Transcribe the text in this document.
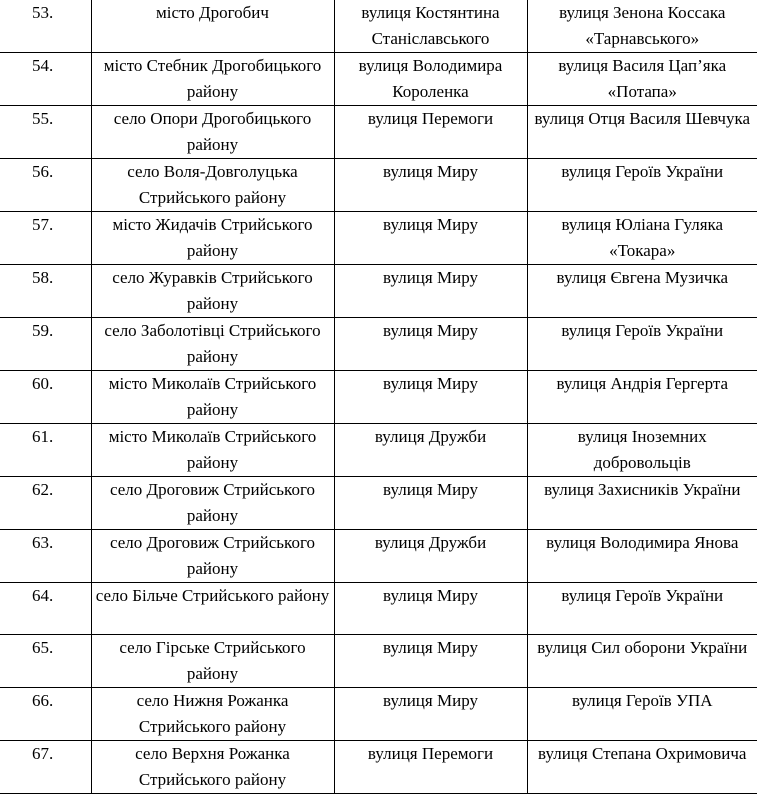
53.	місто Дрогобич	вулиця Костянтина Станіславського	вулиця Зенона Коссака «Тарнавського»
54.	місто Стебник Дрогобицького району	вулиця Володимира Короленка	вулиця Василя Цап’яка «Потапа»
55.	село Опори Дрогобицького району	вулиця Перемоги	вулиця Отця Василя Шевчука
56.	село Воля-Довголуцька Стрийського району	вулиця Миру	вулиця Героїв України
57.	місто Жидачів Стрийського району	вулиця Миру	вулиця Юліана Гуляка «Токара»
58.	село Журавків Стрийського району	вулиця Миру	вулиця Євгена Музичка
59.	село Заболотівці Стрийського району	вулиця Миру	вулиця Героїв України
60.	місто Миколаїв Стрийського району	вулиця Миру	вулиця Андрія Гергерта
61.	місто Миколаїв Стрийського району	вулиця Дружби	вулиця Іноземних добровольців
62.	село Дроговиж Стрийського району	вулиця Миру	вулиця Захисників України
63.	село Дроговиж Стрийського району	вулиця Дружби	вулиця Володимира Янова
64.	село Більче Стрийського району	вулиця Миру	вулиця Героїв України
65.	село Гірське Стрийського району	вулиця Миру	вулиця Сил оборони України
66.	село Нижня Рожанка Стрийського району	вулиця Миру	вулиця Героїв УПА
67.	село Верхня Рожанка Стрийського району	вулиця Перемоги	вулиця Степана Охримовича
